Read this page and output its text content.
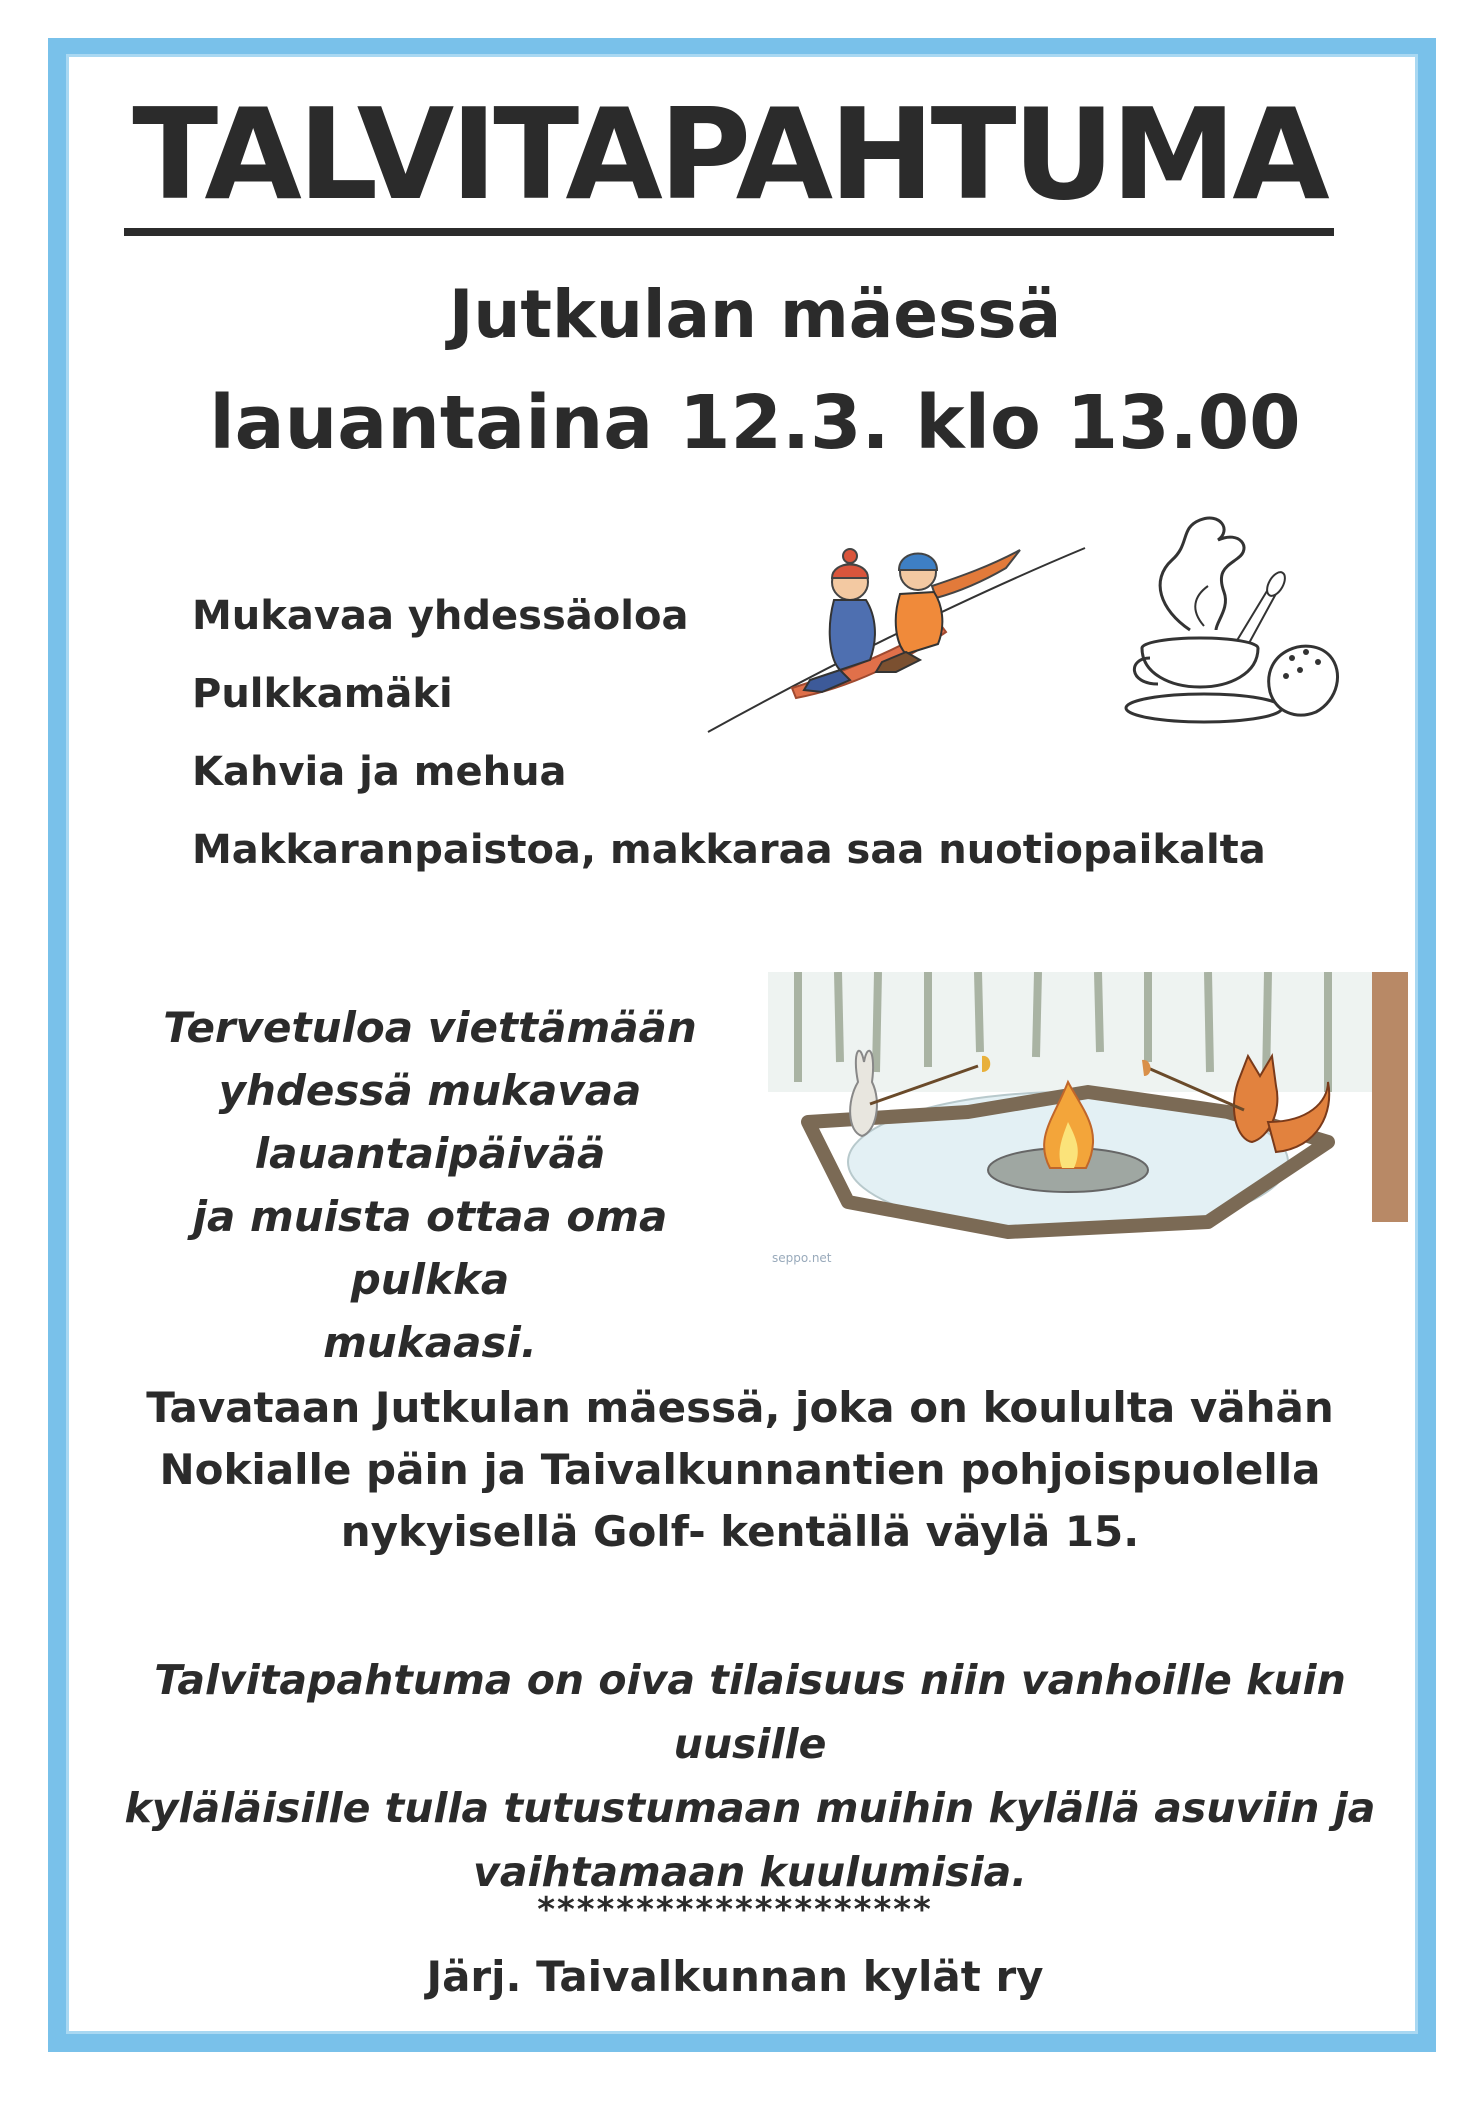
TALVITAPAHTUMA
Jutkulan mäessä
lauantaina 12.3. klo 13.00
Mukavaa yhdessäoloa
Pulkkamäki
Kahvia ja mehua
Makkaranpaistoa, makkaraa saa nuotiopaikalta
seppo.net
Tervetuloa viettämään
yhdessä mukavaa
lauantaipäivää
ja muista ottaa oma pulkka
mukaasi.
Tavataan Jutkulan mäessä, joka on koululta vähän
Nokialle päin ja Taivalkunnantien pohjoispuolella
nykyisellä Golf- kentällä väylä 15.
Talvitapahtuma on oiva tilaisuus niin vanhoille kuin uusille
kyläläisille tulla tutustumaan muihin kylällä asuviin ja
vaihtamaan kuulumisia.
********************
Järj. Taivalkunnan kylät ry
